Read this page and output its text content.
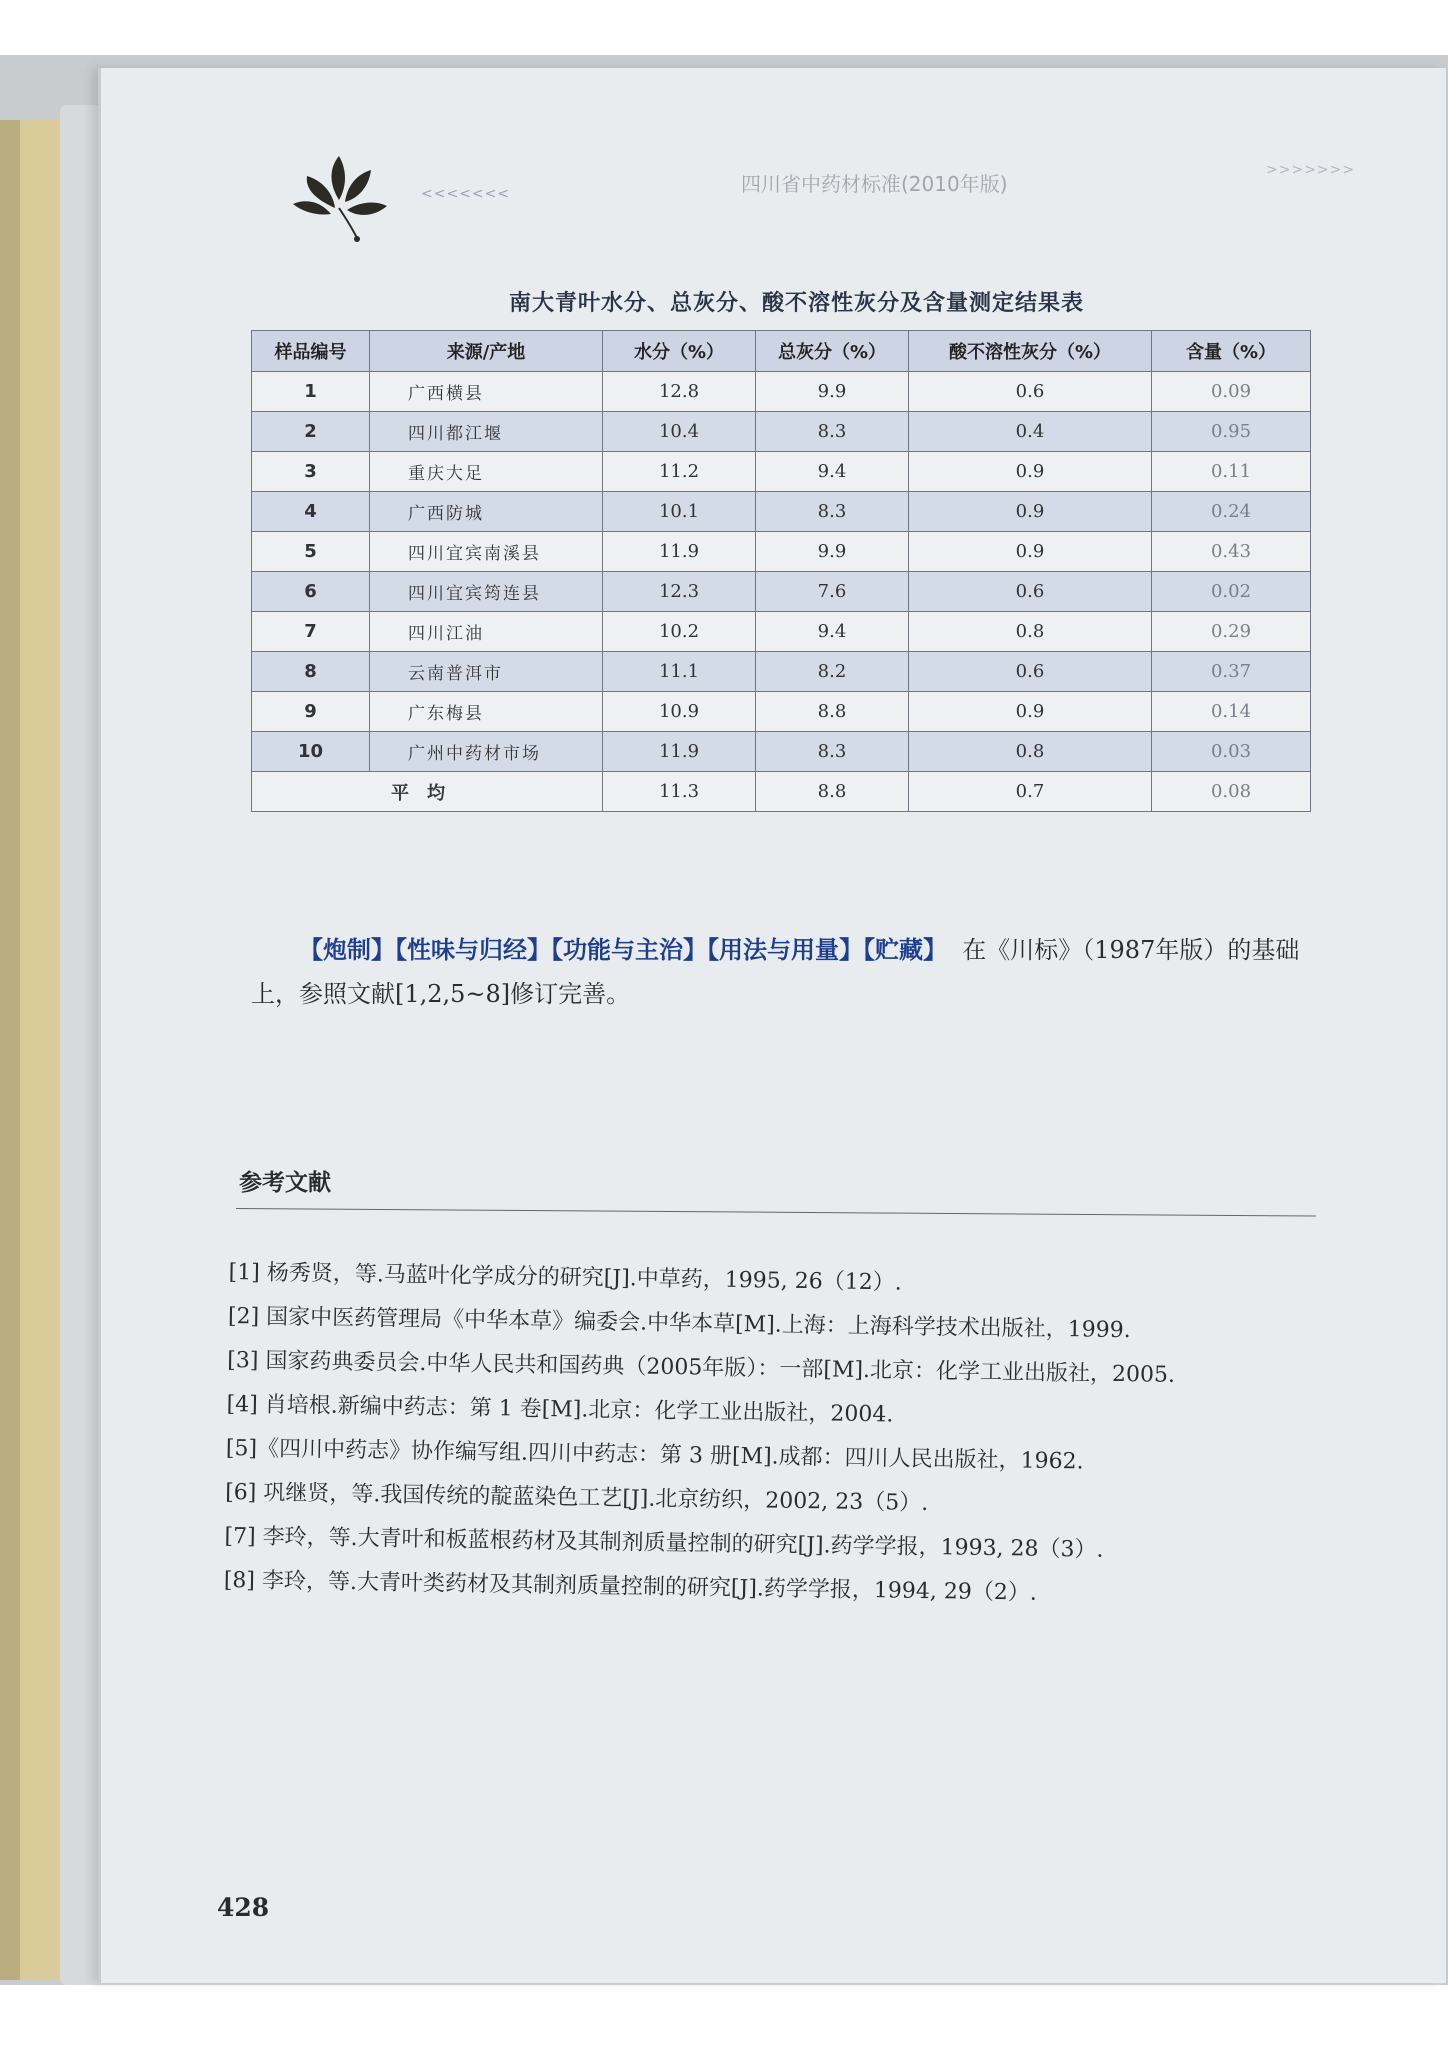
<<<<<<<	四川省中药材标准(2010年版)
>>>>>>>
南大青叶水分、总灰分、酸不溶性灰分及含量测定结果表
样品编号	来源/产地	水分（%）	总灰分（%）	酸不溶性灰分（%）	含量（%）
1	广西横县	12.8	9.9	0.6	0.09
2	四川都江堰	10.4	8.3	0.4	0.95
3	重庆大足	11.2	9.4	0.9	0.11
4	广西防城	10.1	8.3	0.9	0.24
5	四川宜宾南溪县	11.9	9.9	0.9	0.43
6	四川宜宾筠连县	12.3	7.6	0.6	0.02
7	四川江油	10.2	9.4	0.8	0.29
8	云南普洱市	11.1	8.2	0.6	0.37
9	广东梅县	10.9	8.8	0.9	0.14
10	广州中药材市场	11.9	8.3	0.8	0.03
平均		11.3	8.8	0.7	0.08
【炮制】【性味与归经】【功能与主治】【用法与用量】【贮藏】 在《川标》（1987年版）的基础上，参照文献[1,2,5~8]修订完善。
参考文献
[1] 杨秀贤，等.马蓝叶化学成分的研究[J].中草药，1995, 26（12）.
[2] 国家中医药管理局《中华本草》编委会.中华本草[M].上海：上海科学技术出版社，1999.
[3] 国家药典委员会.中华人民共和国药典（2005年版）：一部[M].北京：化学工业出版社，2005.
[4] 肖培根.新编中药志：第 1 卷[M].北京：化学工业出版社，2004.
[5]《四川中药志》协作编写组.四川中药志：第 3 册[M].成都：四川人民出版社，1962.
[6] 巩继贤，等.我国传统的靛蓝染色工艺[J].北京纺织，2002, 23（5）.
[7] 李玲，等.大青叶和板蓝根药材及其制剂质量控制的研究[J].药学学报，1993, 28（3）.
[8] 李玲，等.大青叶类药材及其制剂质量控制的研究[J].药学学报，1994, 29（2）.
428
